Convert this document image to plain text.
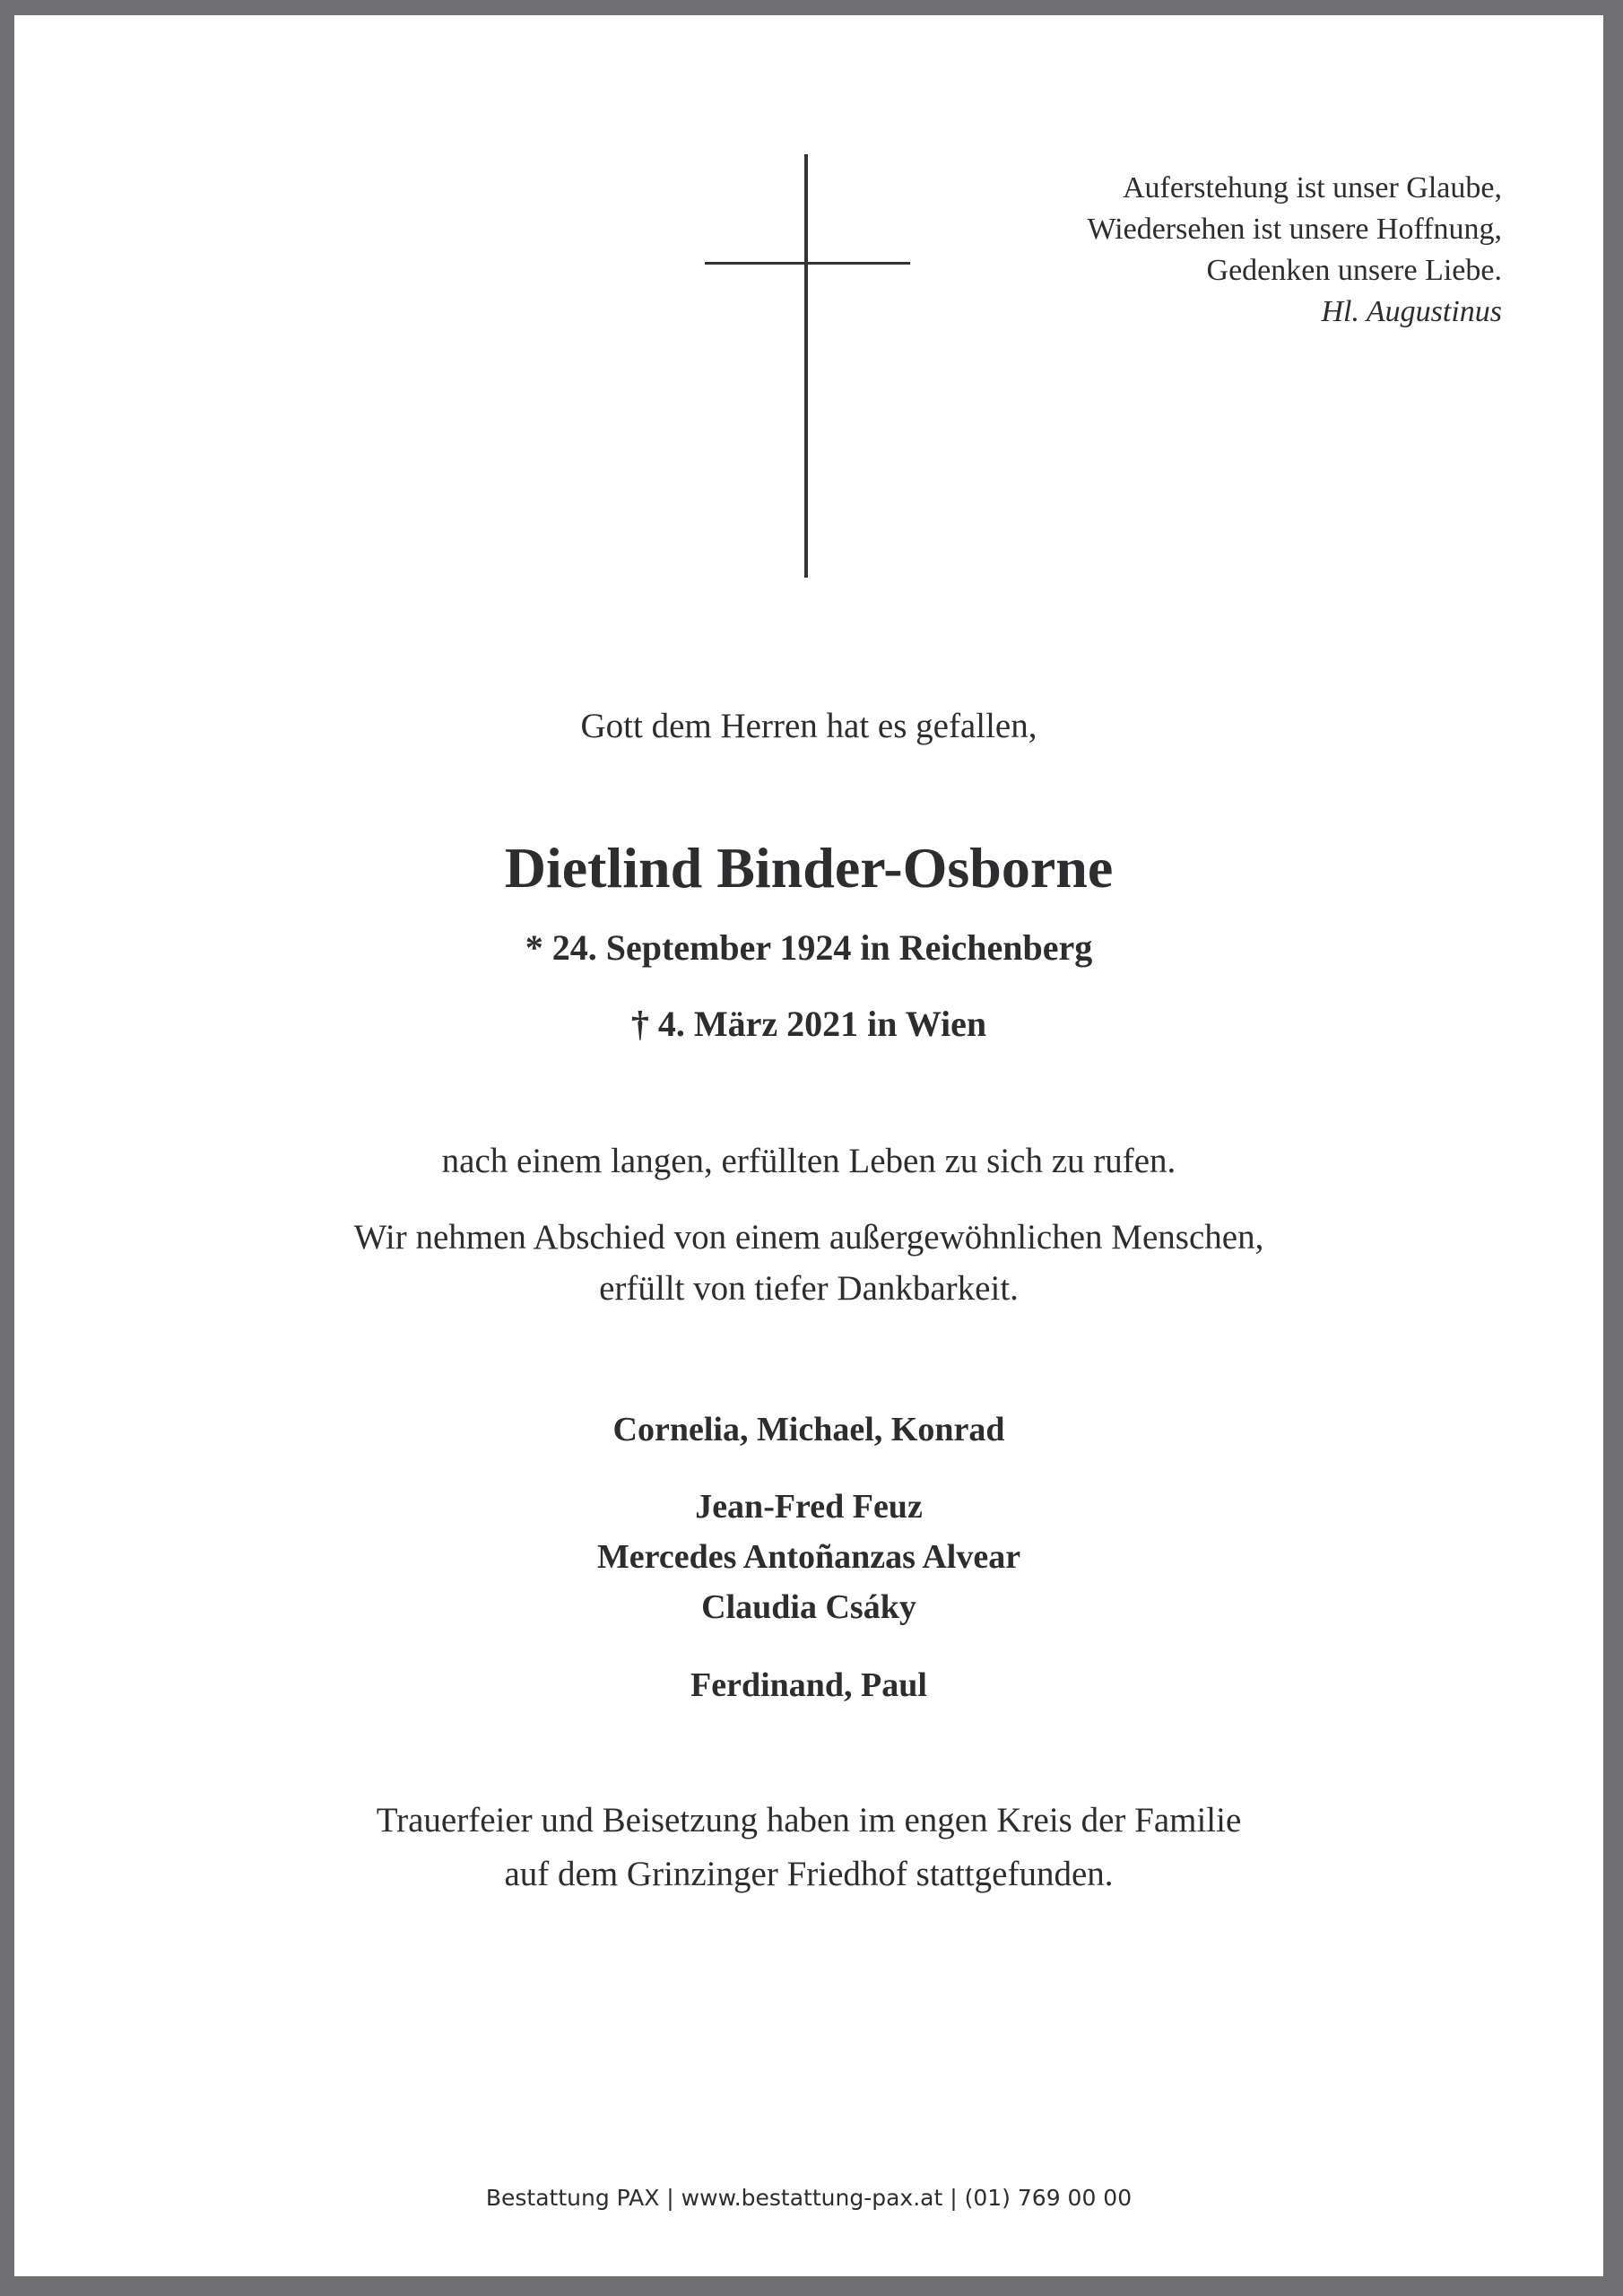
Auferstehung ist unser Glaube,
Wiedersehen ist unsere Hoffnung,
Gedenken unsere Liebe.
Hl. Augustinus
Gott dem Herren hat es gefallen,
Dietlind Binder-Osborne
* 24. September 1924 in Reichenberg
† 4. März 2021 in Wien
nach einem langen, erfüllten Leben zu sich zu rufen.
Wir nehmen Abschied von einem außergewöhnlichen Menschen,
erfüllt von tiefer Dankbarkeit.
Cornelia, Michael, Konrad
Jean-Fred Feuz
Mercedes Antoñanzas Alvear
Claudia Csáky
Ferdinand, Paul
Trauerfeier und Beisetzung haben im engen Kreis der Familie
auf dem Grinzinger Friedhof stattgefunden.
Bestattung PAX | www.bestattung-pax.at | (01) 769 00 00
